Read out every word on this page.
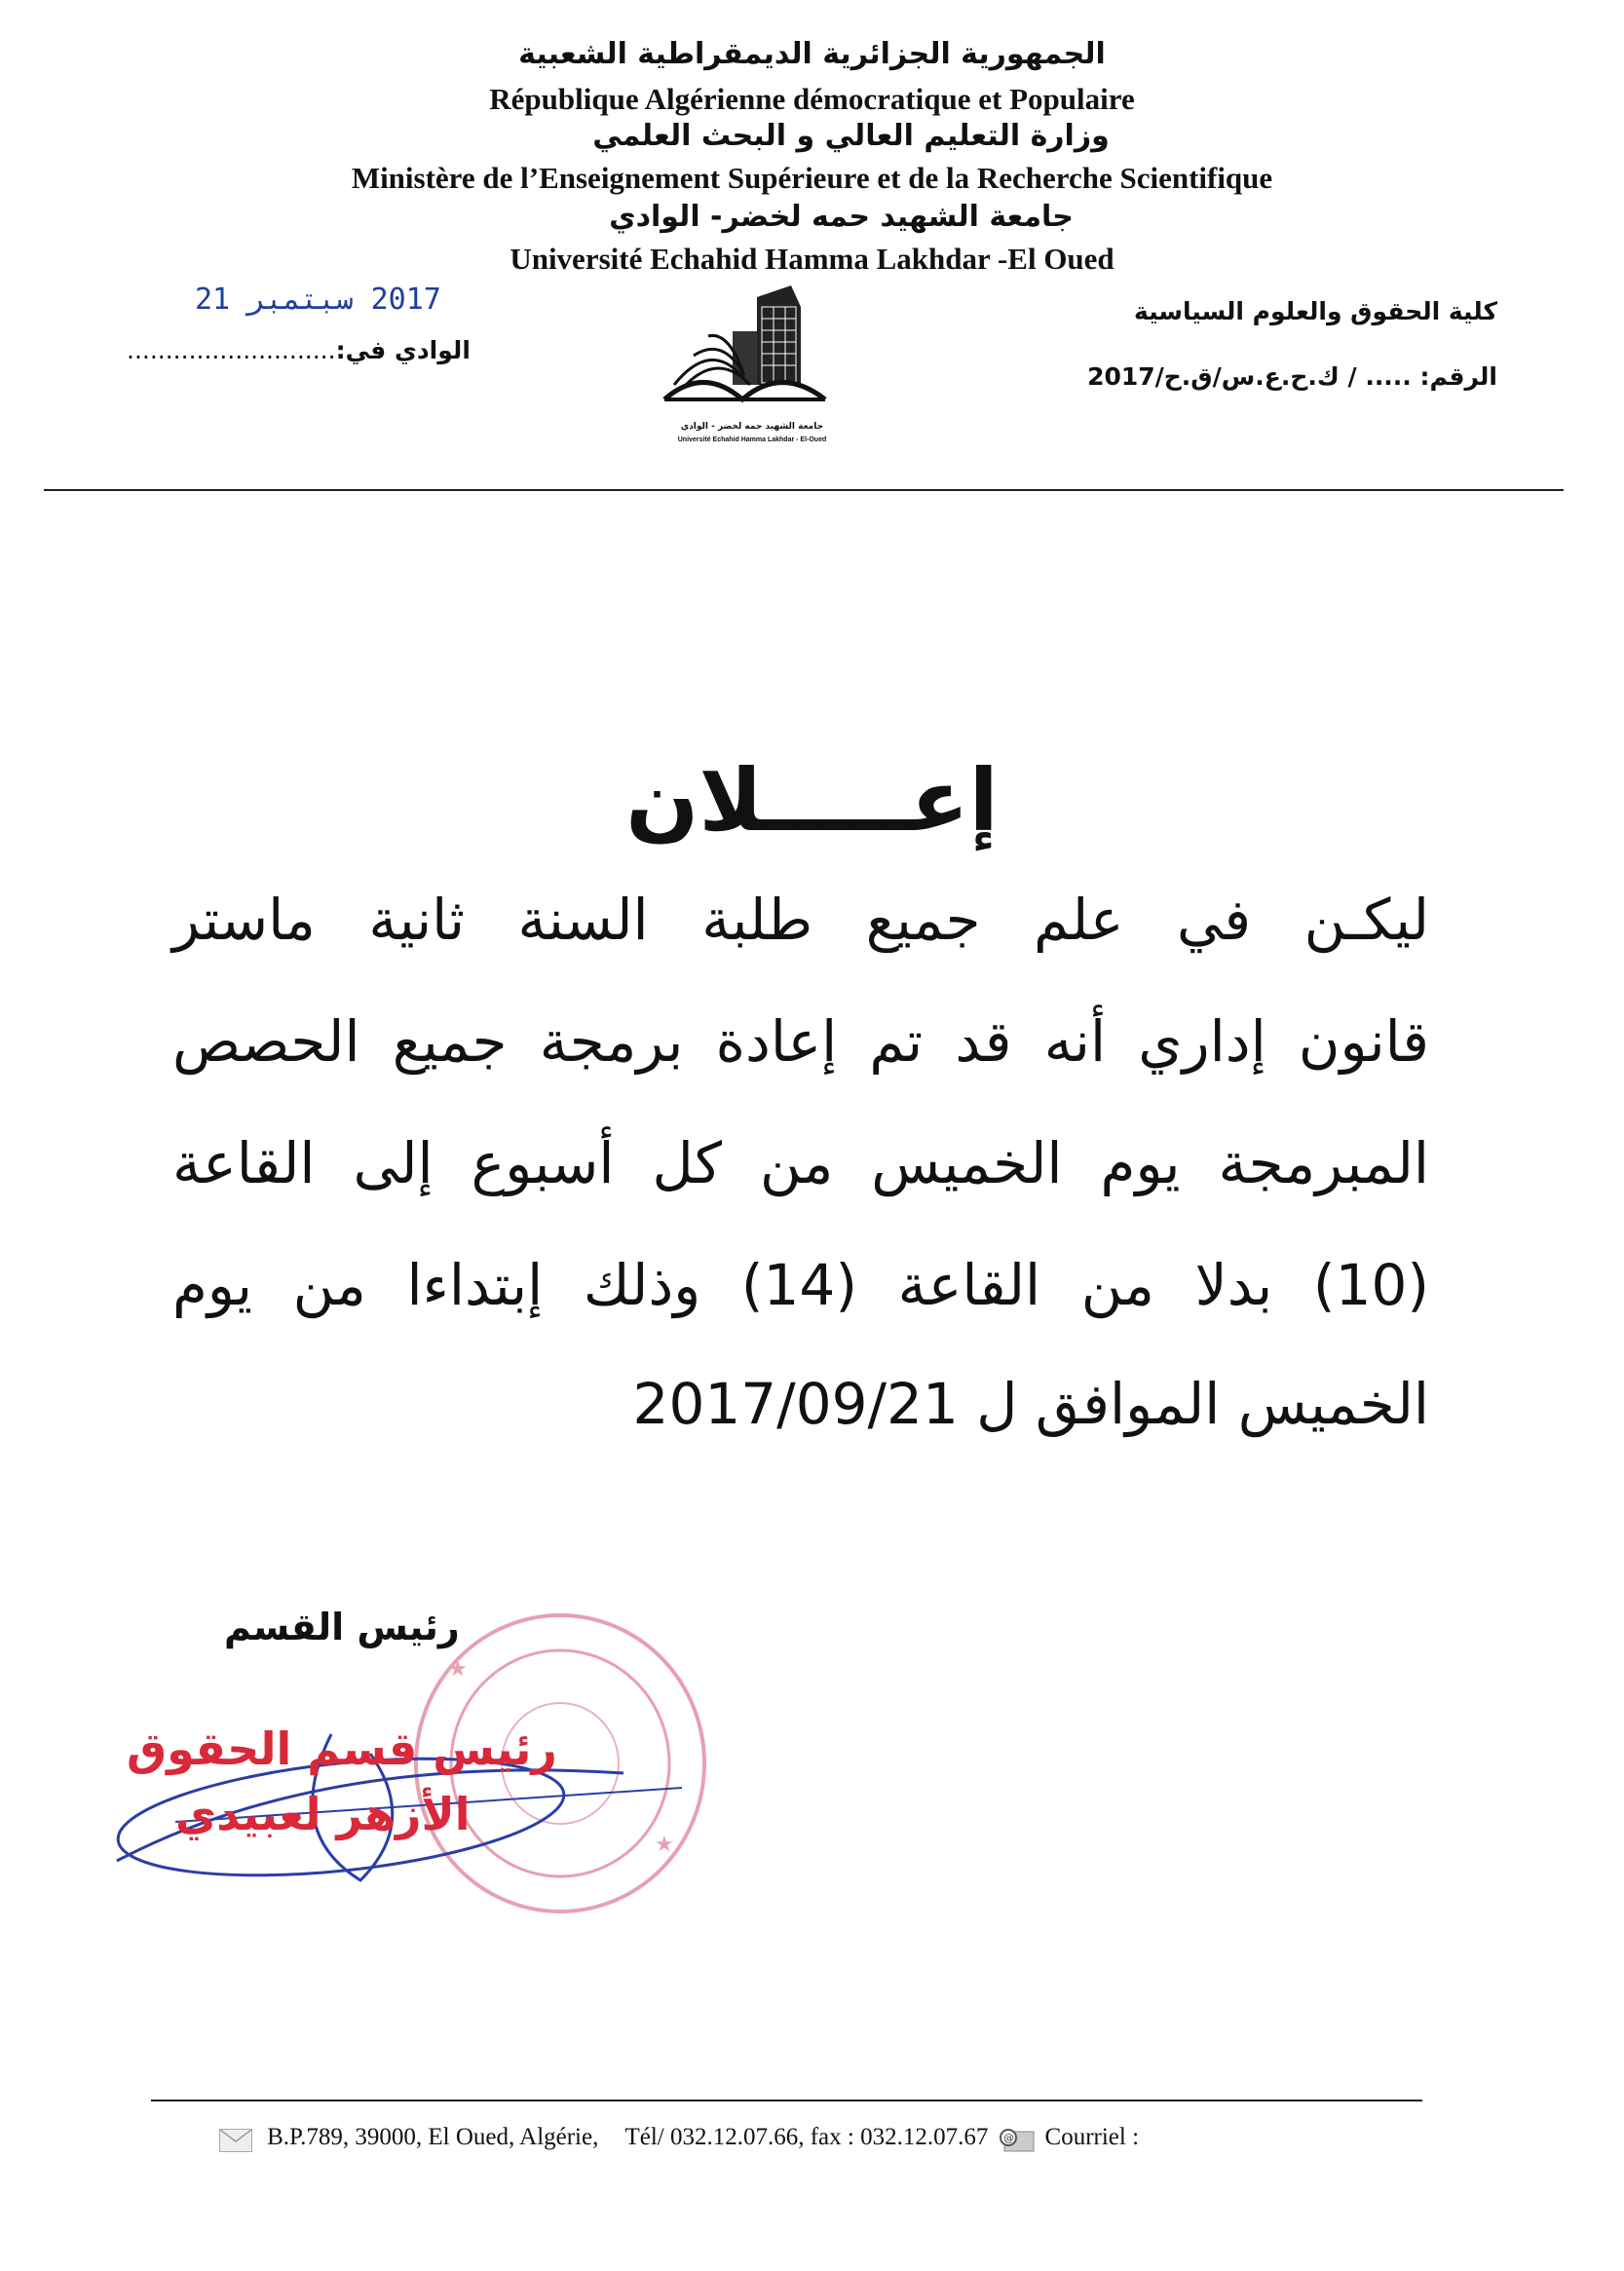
الجمهورية الجزائرية الديمقراطية الشعبية
République Algérienne démocratique et Populaire
وزارة التعليم العالي و البحث العلمي
Ministère de l’Enseignement Supérieure et de la Recherche Scientifique
جامعة الشهيد حمه لخضر- الوادي
Université Echahid Hamma Lakhdar -El Oued
2017 سبتمبر 21	كلية الحقوق والعلوم السياسية
الرقم: ..... / ك.ح.ع.س/ق.ح/2017
الوادي في:...........................
جامعة الشهيد حمه لخضر - الوادي
Université Echahid Hamma Lakhdar - El-Oued
إعـــــلان
ليكـن في علم جميع طلبة السنة ثانية ماستر
قانون إداري أنه قد تم إعادة برمجة جميع الحصص
المبرمجة يوم الخميس من كل أسبوع إلى القاعة
(10) بدلا من القاعة (14) وذلك إبتداءا من يوم
الخميس الموافق ل 2017/09/21
رئيس القسم
★
★
رئيس قسم الحقوق
الأزهر لعبيدي
B.P.789, 39000, El Oued, Algérie, Tél/ 032.12.07.66, fax : 032.12.07.67 @ Courriel :
